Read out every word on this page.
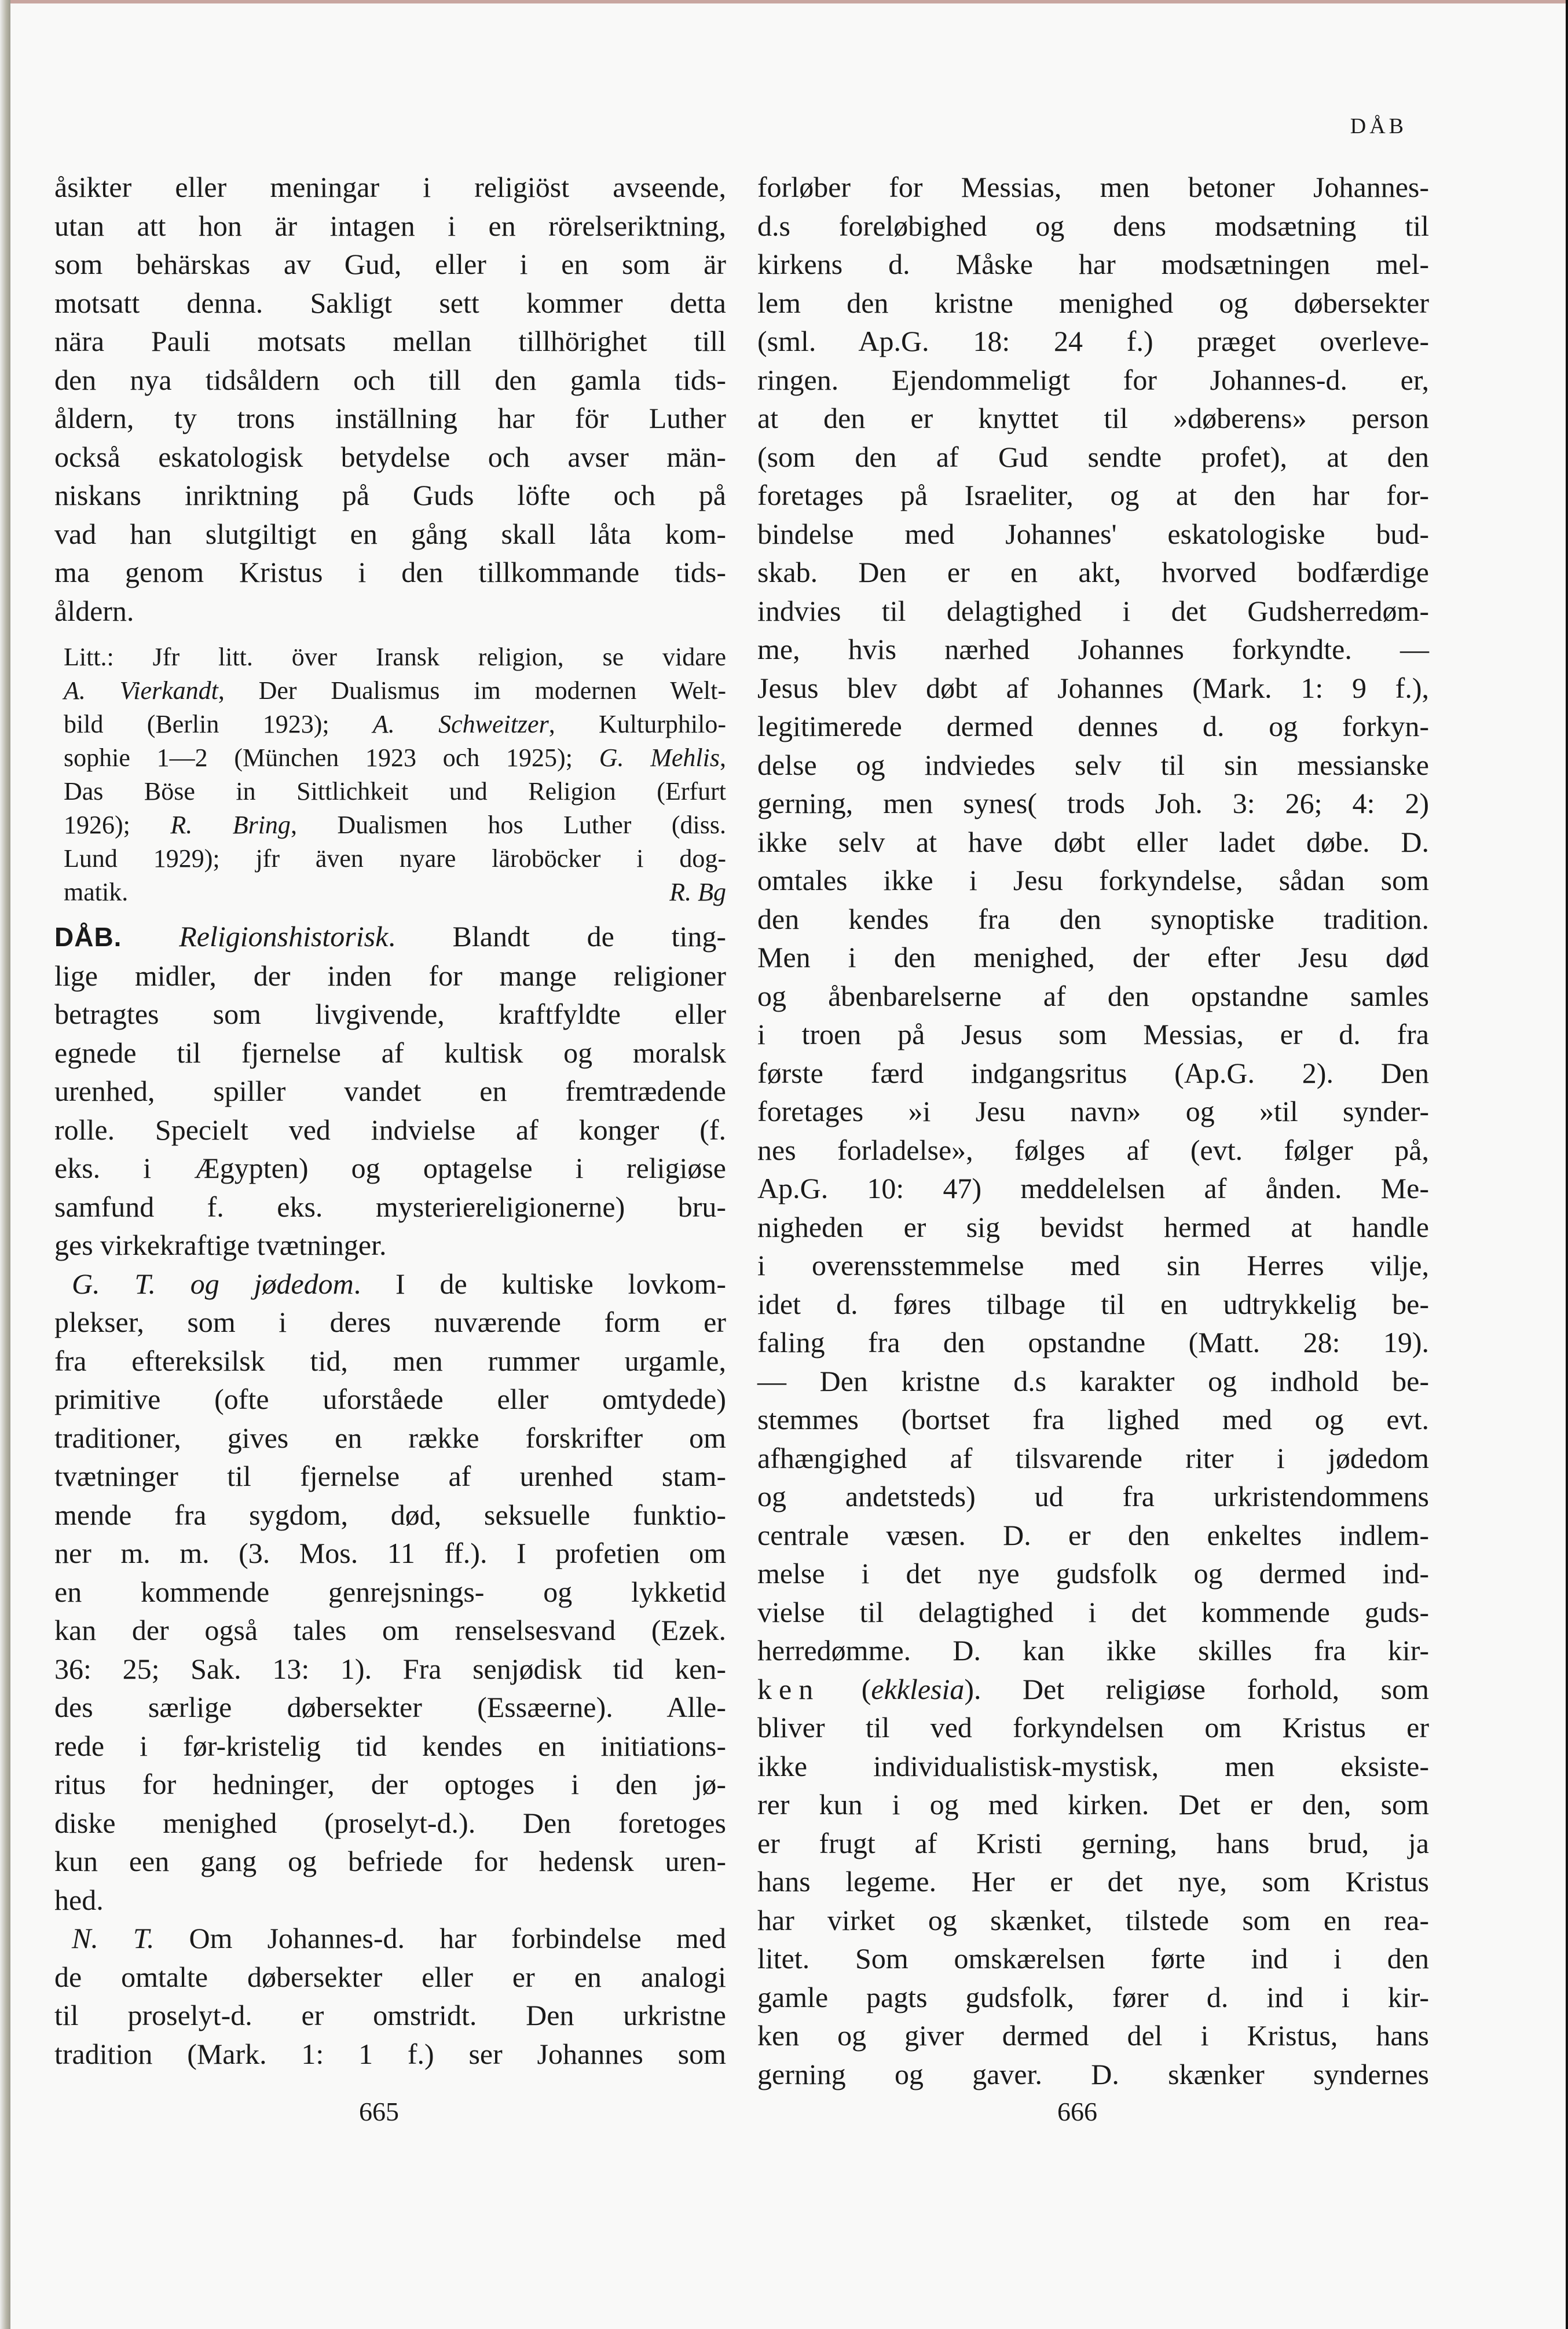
DÅB
åsikter eller meningar i religiöst avseende,
utan att hon är intagen i en rörelseriktning,
som behärskas av Gud, eller i en som är
motsatt denna. Sakligt sett kommer detta
nära Pauli motsats mellan tillhörighet till
den nya tidsåldern och till den gamla tids-
åldern, ty trons inställning har för Luther
också eskatologisk betydelse och avser män-
niskans inriktning på Guds löfte och på
vad han slutgiltigt en gång skall låta kom-
ma genom Kristus i den tillkommande tids-
åldern.
Litt.: Jfr litt. över Iransk religion, se vidare
A. Vierkandt, Der Dualismus im modernen Welt-
bild (Berlin 1923); A. Schweitzer, Kulturphilo-
sophie 1—2 (München 1923 och 1925); G. Mehlis,
Das Böse in Sittlichkeit und Religion (Erfurt
1926); R. Bring, Dualismen hos Luther (diss.
Lund 1929); jfr även nyare läroböcker i dog-
matik.	R. Bg
DÅB. Religionshistorisk. Blandt de ting-
lige midler, der inden for mange religioner
betragtes som livgivende, kraftfyldte eller
egnede til fjernelse af kultisk og moralsk
urenhed, spiller vandet en fremtrædende
rolle. Specielt ved indvielse af konger (f.
eks. i Ægypten) og optagelse i religiøse
samfund f. eks. mysteriereligionerne) bru-
ges virkekraftige tvætninger.
G. T. og jødedom. I de kultiske lovkom-
plekser, som i deres nuværende form er
fra eftereksilsk tid, men rummer urgamle,
primitive (ofte uforståede eller omtydede)
traditioner, gives en række forskrifter om
tvætninger til fjernelse af urenhed stam-
mende fra sygdom, død, seksuelle funktio-
ner m. m. (3. Mos. 11 ff.). I profetien om
en kommende genrejsnings- og lykketid
kan der også tales om renselsesvand (Ezek.
36: 25; Sak. 13: 1). Fra senjødisk tid ken-
des særlige døbersekter (Essæerne). Alle-
rede i før-kristelig tid kendes en initiations-
ritus for hedninger, der optoges i den jø-
diske menighed (proselyt-d.). Den foretoges
kun een gang og befriede for hedensk uren-
hed.
N. T. Om Johannes-d. har forbindelse med
de omtalte døbersekter eller er en analogi
til proselyt-d. er omstridt. Den urkristne
tradition (Mark. 1: 1 f.) ser Johannes som
forløber for Messias, men betoner Johannes-
d.s foreløbighed og dens modsætning til
kirkens d. Måske har modsætningen mel-
lem den kristne menighed og døbersekter
(sml. Ap.G. 18: 24 f.) præget overleve-
ringen. Ejendommeligt for Johannes-d. er,
at den er knyttet til »døberens» person
(som den af Gud sendte profet), at den
foretages på Israeliter, og at den har for-
bindelse med Johannes' eskatologiske bud-
skab. Den er en akt, hvorved bodfærdige
indvies til delagtighed i det Gudsherredøm-
me, hvis nærhed Johannes forkyndte. —
Jesus blev døbt af Johannes (Mark. 1: 9 f.),
legitimerede dermed dennes d. og forkyn-
delse og indviedes selv til sin messianske
gerning, men synes( trods Joh. 3: 26; 4: 2)
ikke selv at have døbt eller ladet døbe. D.
omtales ikke i Jesu forkyndelse, sådan som
den kendes fra den synoptiske tradition.
Men i den menighed, der efter Jesu død
og åbenbarelserne af den opstandne samles
i troen på Jesus som Messias, er d. fra
første færd indgangsritus (Ap.G. 2). Den
foretages »i Jesu navn» og »til synder-
nes forladelse», følges af (evt. følger på,
Ap.G. 10: 47) meddelelsen af ånden. Me-
nigheden er sig bevidst hermed at handle
i overensstemmelse med sin Herres vilje,
idet d. føres tilbage til en udtrykkelig be-
faling fra den opstandne (Matt. 28: 19).
— Den kristne d.s karakter og indhold be-
stemmes (bortset fra lighed med og evt.
afhængighed af tilsvarende riter i jødedom
og andetsteds) ud fra urkristendommens
centrale væsen. D. er den enkeltes indlem-
melse i det nye gudsfolk og dermed ind-
vielse til delagtighed i det kommende guds-
herredømme. D. kan ikke skilles fra kir-
ken (ekklesia). Det religiøse forhold, som
bliver til ved forkyndelsen om Kristus er
ikke individualistisk-mystisk, men eksiste-
rer kun i og med kirken. Det er den, som
er frugt af Kristi gerning, hans brud, ja
hans legeme. Her er det nye, som Kristus
har virket og skænket, tilstede som en rea-
litet. Som omskærelsen førte ind i den
gamle pagts gudsfolk, fører d. ind i kir-
ken og giver dermed del i Kristus, hans
gerning og gaver. D. skænker syndernes
665	666
